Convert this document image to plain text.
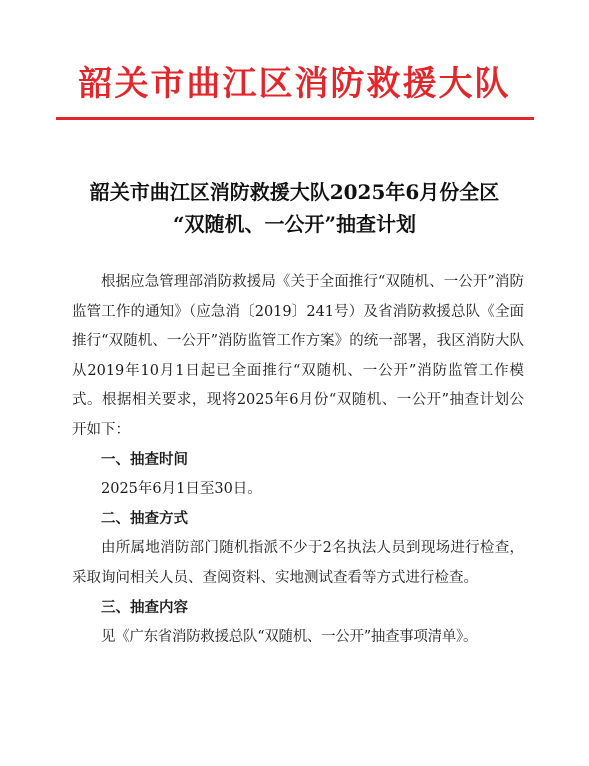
韶关市曲江区消防救援大队
韶关市曲江区消防救援大队2025年6月份全区
“双随机、一公开”抽查计划

根据应急管理部消防救援局《关于全面推行“双随机、一公开”消防监管工作的通知》（应急消〔2019〕241号）及省消防救援总队《全面推行“双随机、一公开”消防监管工作方案》的统一部署，我区消防大队从2019年10月1日起已全面推行“双随机、一公开”消防监管工作模式。根据相关要求，现将2025年6月份“双随机、一公开”抽查计划公开如下：

一、抽查时间

2025年6月1日至30日。

二、抽查方式

由所属地消防部门随机指派不少于2名执法人员到现场进行检查，采取询问相关人员、查阅资料、实地测试查看等方式进行检查。

三、抽查内容

见《广东省消防救援总队“双随机、一公开”抽查事项清单》。
